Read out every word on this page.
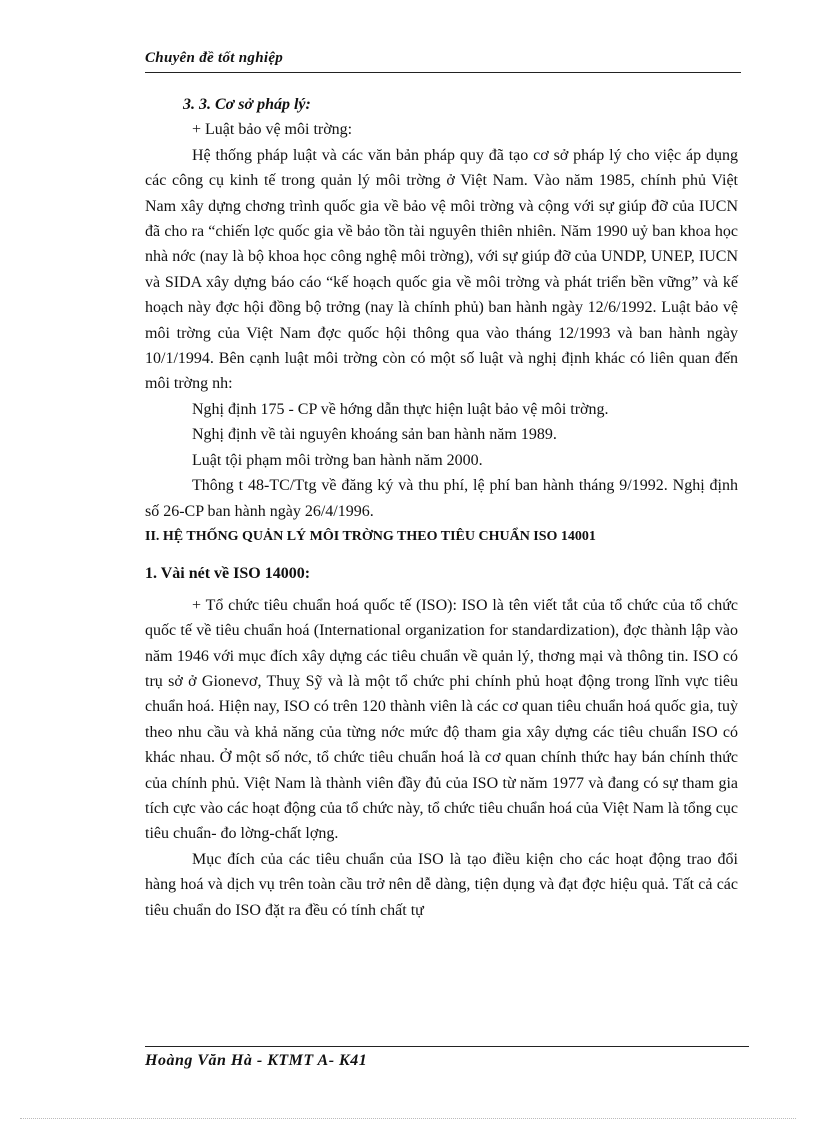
Chuyên đề tốt nghiệp

3. 3. Cơ sở pháp lý:

+ Luật bảo vệ môi trờng:

Hệ thống pháp luật và các văn bản pháp quy đã tạo cơ sở pháp lý cho việc áp dụng các công cụ kinh tế trong quản lý môi trờng ở Việt Nam. Vào năm 1985, chính phủ Việt Nam xây dựng chơng trình quốc gia về bảo vệ môi trờng và cộng với sự giúp đỡ của IUCN đã cho ra “chiến lợc quốc gia về bảo tồn tài nguyên thiên nhiên. Năm 1990 uỷ ban khoa học nhà nớc (nay là bộ khoa học công nghệ môi trờng), với sự giúp đỡ của UNDP, UNEP, IUCN và SIDA xây dựng báo cáo “kế hoạch quốc gia về môi trờng và phát triển bền vững” và kế hoạch này đợc hội đồng bộ trởng (nay là chính phủ) ban hành ngày 12/6/1992. Luật bảo vệ môi trờng của Việt Nam đợc quốc hội thông qua vào tháng 12/1993 và ban hành ngày 10/1/1994. Bên cạnh luật môi trờng còn có một số luật và nghị định khác có liên quan đến môi trờng nh:

Nghị định 175 - CP về hớng dẫn thực hiện luật bảo vệ môi trờng.

Nghị định về tài nguyên khoáng sản ban hành năm 1989.

Luật tội phạm môi trờng ban hành năm 2000.

Thông t 48-TC/Ttg về đăng ký và thu phí, lệ phí ban hành tháng 9/1992. Nghị định số 26-CP ban hành ngày 26/4/1996.

II. HỆ THỐNG QUẢN LÝ MÔI TRỜNG THEO TIÊU CHUẨN ISO 14001

1. Vài nét về ISO 14000:

+ Tổ chức tiêu chuẩn hoá quốc tế (ISO): ISO là tên viết tắt của tổ chức của tổ chức quốc tế về tiêu chuẩn hoá (International organization for standardization), đợc thành lập vào năm 1946 với mục đích xây dựng các tiêu chuẩn về quản lý, thơng mại và thông tin. ISO có trụ sở ở Gionevơ, Thuỵ Sỹ và là một tổ chức phi chính phủ hoạt động trong lĩnh vực tiêu chuẩn hoá. Hiện nay, ISO có trên 120 thành viên là các cơ quan tiêu chuẩn hoá quốc gia, tuỳ theo nhu cầu và khả năng của từng nớc mức độ tham gia xây dựng các tiêu chuẩn ISO có khác nhau. Ở một số nớc, tổ chức tiêu chuẩn hoá là cơ quan chính thức hay bán chính thức của chính phủ. Việt Nam là thành viên đầy đủ của ISO từ năm 1977 và đang có sự tham gia tích cực vào các hoạt động của tổ chức này, tổ chức tiêu chuẩn hoá của Việt Nam là tổng cục tiêu chuẩn- đo lờng-chất lợng.

Mục đích của các tiêu chuẩn của ISO là tạo điều kiện cho các hoạt động trao đổi hàng hoá và dịch vụ trên toàn cầu trở nên dễ dàng, tiện dụng và đạt đợc hiệu quả. Tất cả các tiêu chuẩn do ISO đặt ra đều có tính chất tự

Hoàng Văn Hà - KTMT A- K41
